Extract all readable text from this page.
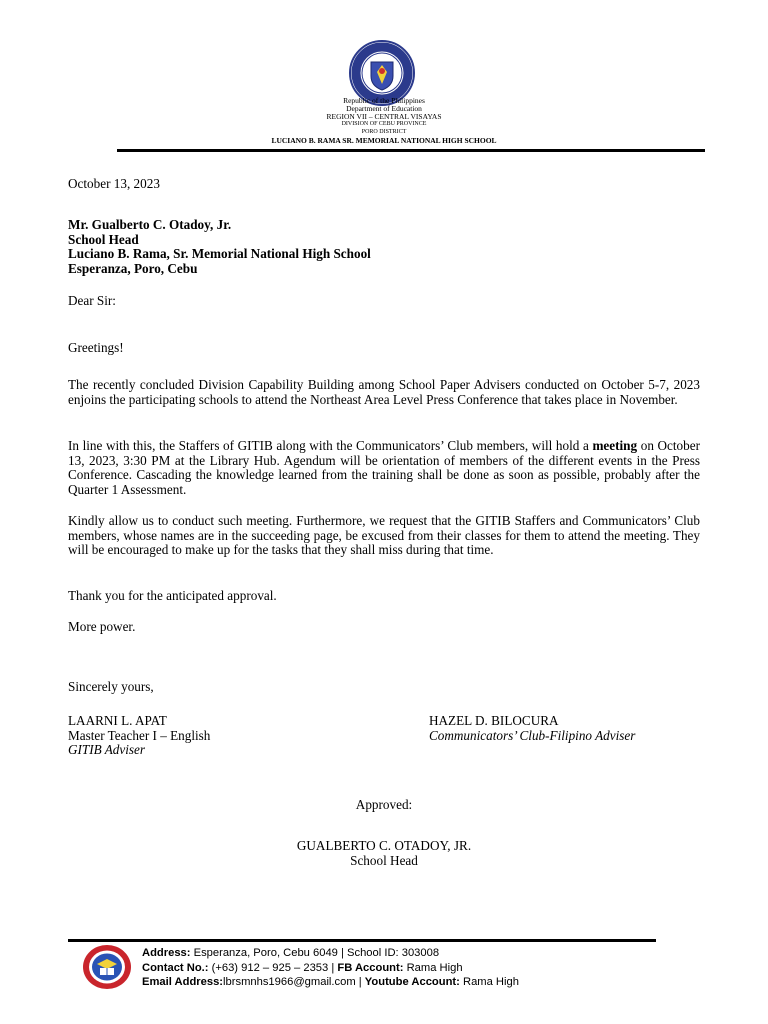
Republic of the Philippines
Department of Education
REGION VII – CENTRAL VISAYAS
DIVISION OF CEBU PROVINCE
PORO DISTRICT
LUCIANO B. RAMA SR. MEMORIAL NATIONAL HIGH SCHOOL
October 13, 2023
Mr. Gualberto C. Otadoy, Jr.
School Head
Luciano B. Rama, Sr. Memorial National High School
Esperanza, Poro, Cebu
Dear Sir:
Greetings!
The recently concluded Division Capability Building among School Paper Advisers conducted on October 5-7, 2023 enjoins the participating schools to attend the Northeast Area Level Press Conference that takes place in November.
In line with this, the Staffers of GITIB along with the Communicators’ Club members, will hold a meeting on October 13, 2023, 3:30 PM at the Library Hub. Agendum will be orientation of members of the different events in the Press Conference. Cascading the knowledge learned from the training shall be done as soon as possible, probably after the Quarter 1 Assessment.
Kindly allow us to conduct such meeting. Furthermore, we request that the GITIB Staffers and Communicators’ Club members, whose names are in the succeeding page, be excused from their classes for them to attend the meeting. They will be encouraged to make up for the tasks that they shall miss during that time.
Thank you for the anticipated approval.
More power.
Sincerely yours,
LAARNI L. APAT
Master Teacher I – English
GITIB Adviser
HAZEL D. BILOCURA
Communicators’ Club-Filipino Adviser
Approved:
GUALBERTO C. OTADOY, JR.
School Head
Address: Esperanza, Poro, Cebu 6049 | School ID: 303008
Contact No.: (+63) 912 – 925 – 2353 | FB Account: Rama High
Email Address:lbrsmnhs1966@gmail.com | Youtube Account: Rama High
